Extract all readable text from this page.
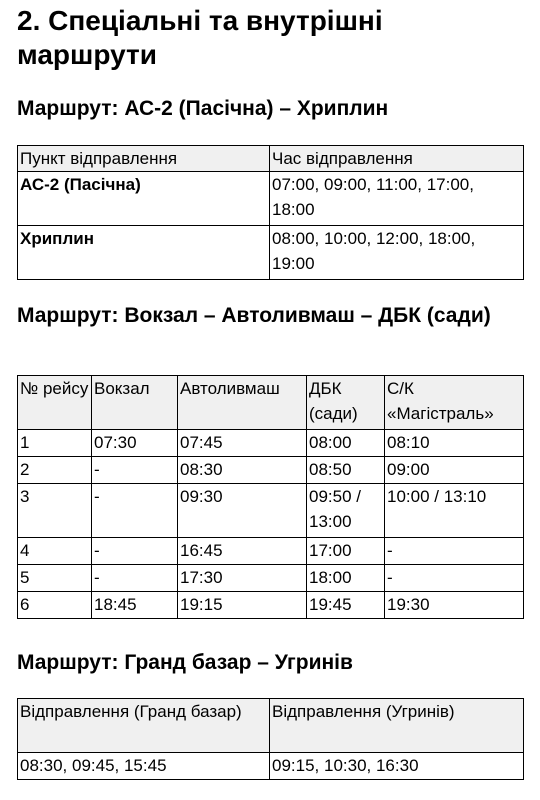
2. Спеціальні та внутрішні маршрути
Маршрут: АС-2 (Пасічна) – Хриплин
Пункт відправлення	Час відправлення
АС-2 (Пасічна)	07:00, 09:00, 11:00, 17:00, 18:00
Хриплин	08:00, 10:00, 12:00, 18:00, 19:00
Маршрут: Вокзал – Автоливмаш – ДБК (сади)
№ рейсу	Вокзал	Автоливмаш	ДБК (сади)	С/К «Магістраль»
1	07:30	07:45	08:00	08:10
2	-	08:30	08:50	09:00
3	-	09:30	09:50 / 13:00	10:00 / 13:10
4	-	16:45	17:00	-
5	-	17:30	18:00	-
6	18:45	19:15	19:45	19:30
Маршрут: Гранд базар – Угринів
Відправлення (Гранд базар)	Відправлення (Угринів)
08:30, 09:45, 15:45	09:15, 10:30, 16:30
